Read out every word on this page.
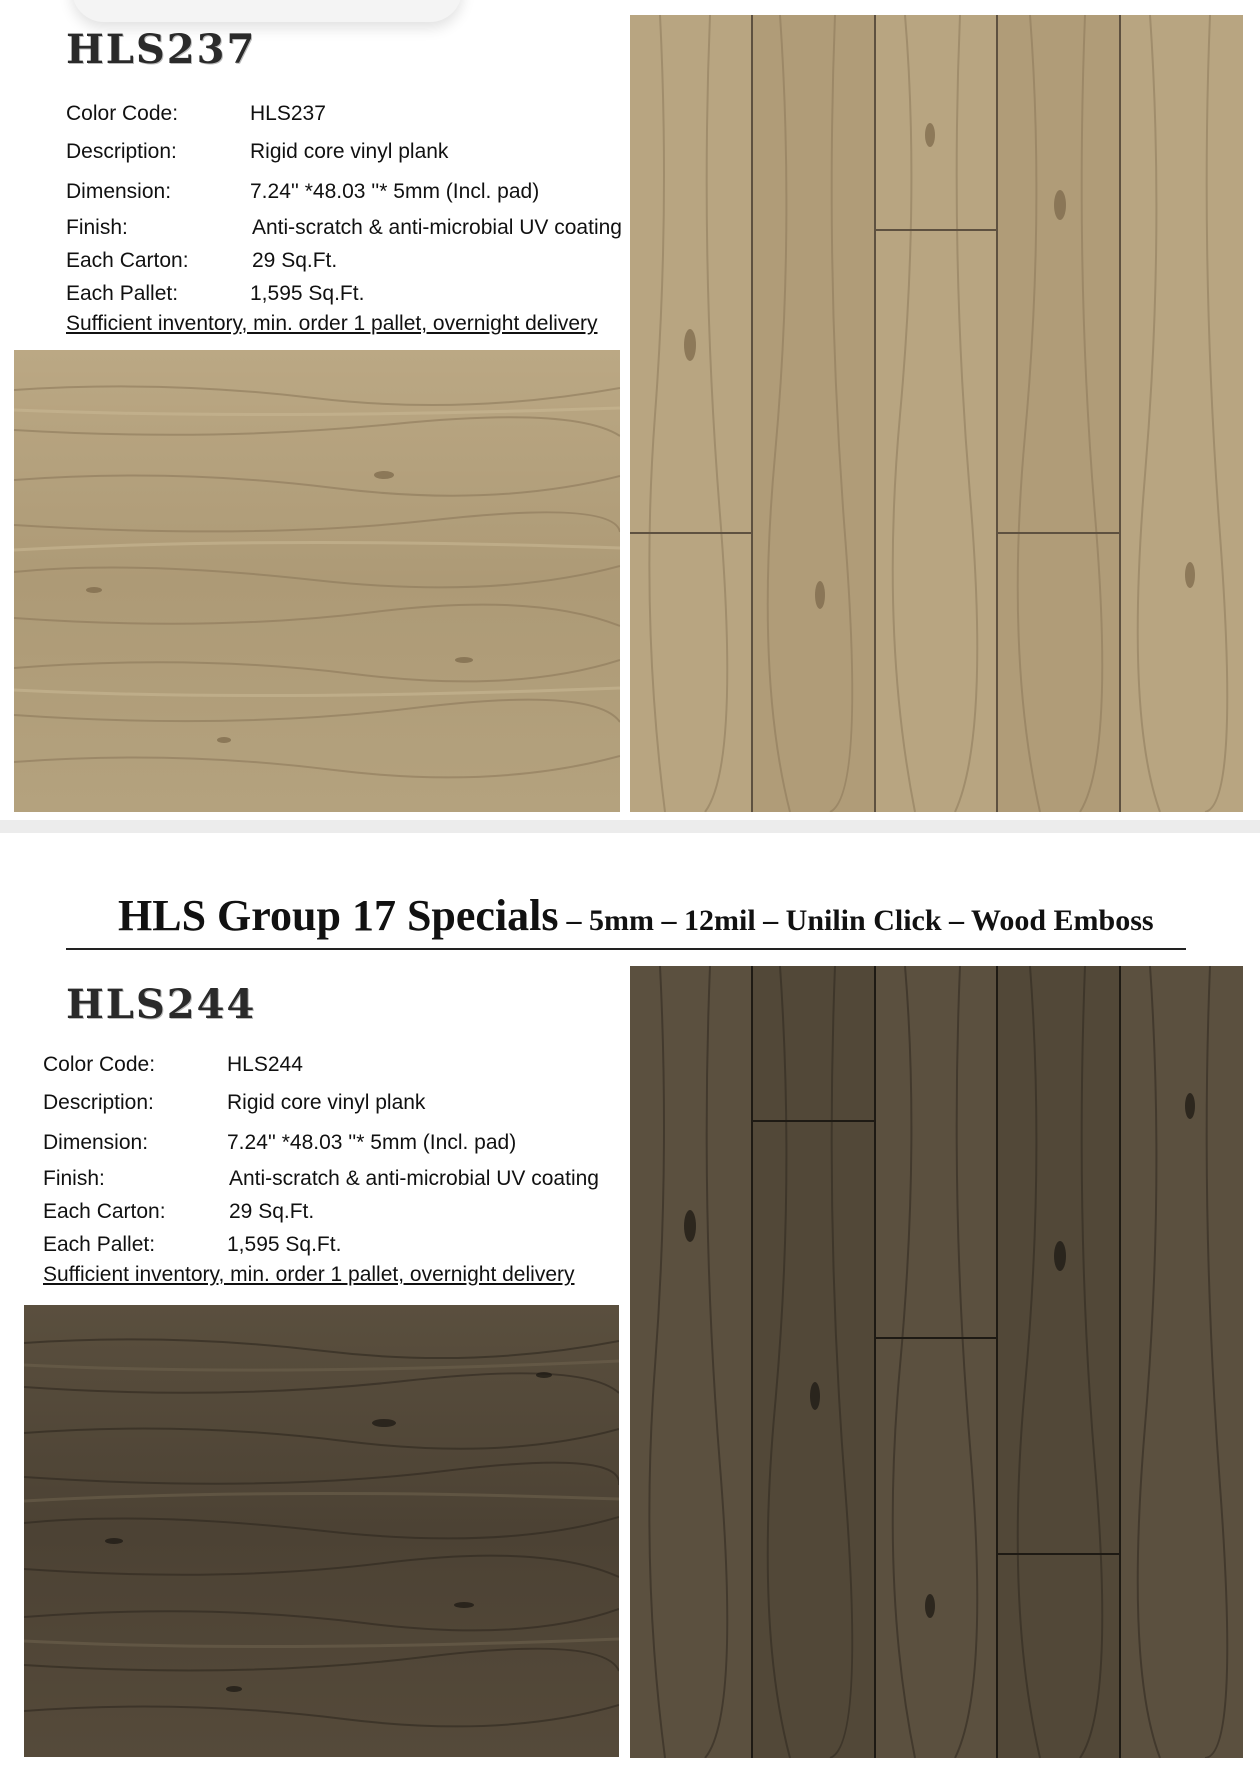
HLS237
Color Code:	HLS237
Description:	Rigid core vinyl plank
Dimension:	7.24'' *48.03 ''* 5mm (Incl. pad)
Finish:	Anti-scratch & anti-microbial UV coating
Each Carton:	29 Sq.Ft.
Each Pallet:	1,595 Sq.Ft.
Sufficient inventory, min. order 1 pallet, overnight delivery
HLS Group 17 Specials – 5mm – 12mil – Unilin Click – Wood Emboss
HLS244
Color Code:	HLS244
Description:	Rigid core vinyl plank
Dimension:	7.24'' *48.03 ''* 5mm (Incl. pad)
Finish:	Anti-scratch & anti-microbial UV coating
Each Carton:	29 Sq.Ft.
Each Pallet:	1,595 Sq.Ft.
Sufficient inventory, min. order 1 pallet, overnight delivery
